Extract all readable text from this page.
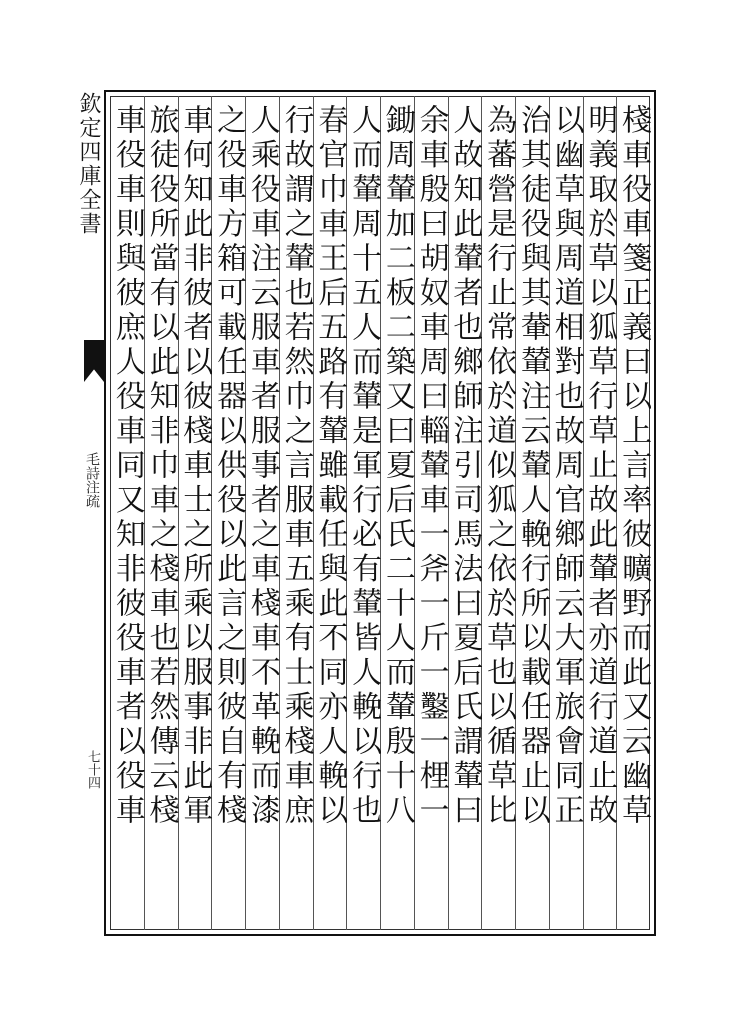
欽定四庫全書
毛詩注疏
七十四	棧車役車箋正義曰以上言率彼曠野而此又云幽草
明義取於草以狐草行草止故此輦者亦道行道止故
以幽草與周道相對也故周官鄉師云大軍旅會同正
治其徒役與其輂輦注云輦人輓行所以載任器止以
為蕃營是行止常依於道似狐之依於草也以循草比
人故知此輦者也鄉師注引司馬法曰夏后氏謂輦曰
余車殷曰胡奴車周曰輜輦車一斧一斤一鑿一梩一
鋤周輦加二板二築又曰夏后氏二十人而輦殷十八
人而輦周十五人而輦是軍行必有輦皆人輓以行也
春官巾車王后五路有輦雖載任與此不同亦人輓以
行故謂之輦也若然巾之言服車五乘有士乘棧車庶
人乘役車注云服車者服事者之車棧車不革輓而漆
之役車方箱可載任器以供役以此言之則彼自有棧
車何知此非彼者以彼棧車士之所乘以服事非此軍
旅徒役所當有以此知非巾車之棧車也若然傳云棧
車役車則與彼庶人役車同又知非彼役車者以役車
